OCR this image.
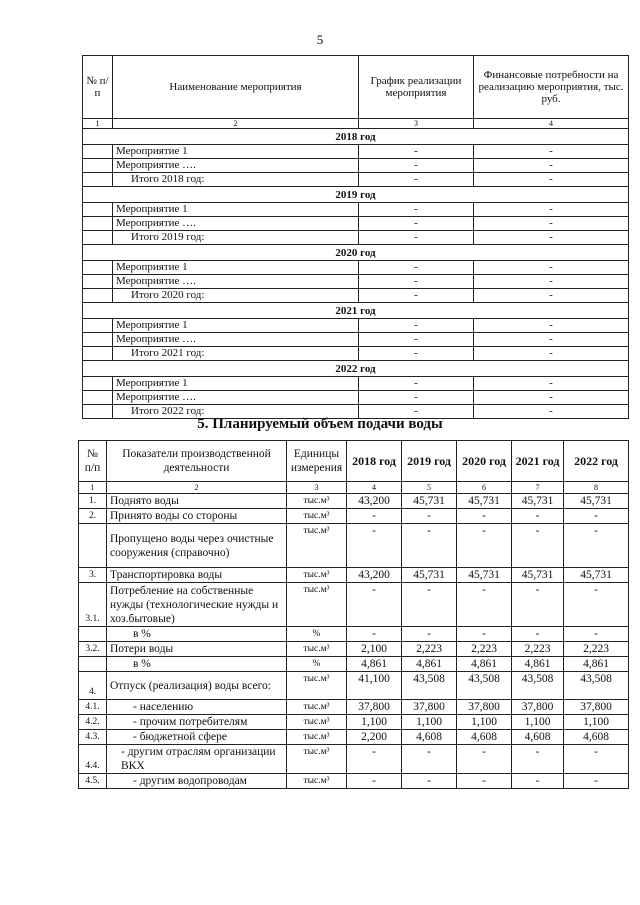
5
№ п/п	Наименование мероприятия	График реализации мероприятия	Финансовые потребности на реализацию мероприятия, тыс. руб.
1	2	3	4
2018 год			
	Мероприятие 1	-	-
	Мероприятие ….	-	-
	Итого 2018 год:	-	-
2019 год			
	Мероприятие 1	-	-
	Мероприятие ….	-	-
	Итого 2019 год:	-	-
2020 год			
	Мероприятие 1	-	-
	Мероприятие ….	-	-
	Итого 2020 год:	-	-
2021 год			
	Мероприятие 1	-	-
	Мероприятие ….	-	-
	Итого 2021 год:	-	-
2022 год			
	Мероприятие 1	-	-
	Мероприятие ….	-	-
	Итого 2022 год:	-	-
5. Планируемый объем подачи воды
№ п/п	Показатели производственной деятельности	Единицы измерения	2018 год	2019 год	2020 год	2021 год	2022 год
1	2	3	4	5	6	7	8
1.	Поднято воды	тыс.м³	43,200	45,731	45,731	45,731	45,731
2.	Принято воды со стороны	тыс.м³	-	-	-	-	-
	Пропущено воды через очистные сооружения (справочно)	тыс.м³	-	-	-	-	-
3.	Транспортировка воды	тыс.м³	43,200	45,731	45,731	45,731	45,731
3.1.	Потребление на собственные нужды (технологические нужды и хоз.бытовые)	тыс.м³	-	-	-	-	-
	в %	%	-	-	-	-	-
3.2.	Потери воды	тыс.м³	2,100	2,223	2,223	2,223	2,223
	в %	%	4,861	4,861	4,861	4,861	4,861
4.	Отпуск (реализация) воды всего:	тыс.м³	41,100	43,508	43,508	43,508	43,508
4.1.	- населению	тыс.м³	37,800	37,800	37,800	37,800	37,800
4.2.	- прочим потребителям	тыс.м³	1,100	1,100	1,100	1,100	1,100
4.3.	- бюджетной сфере	тыс.м³	2,200	4,608	4,608	4,608	4,608
4.4.	- другим отраслям организации ВКХ	тыс.м³	-	-	-	-	-
4.5.	- другим водопроводам	тыс.м³	-	-	-	-	-
